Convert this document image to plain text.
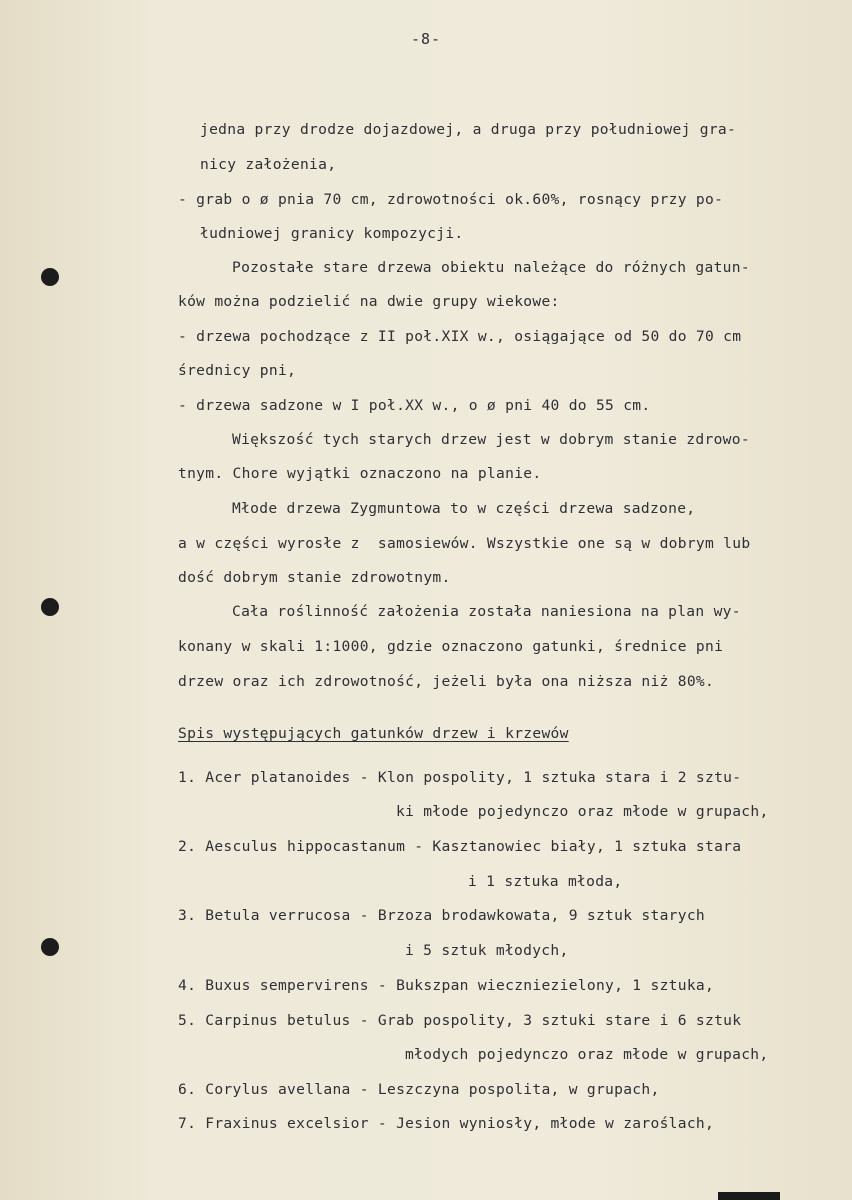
-8-

jedna przy drodze dojazdowej, a druga przy południowej gra-

nicy założenia,

- grab o ø pnia 70 cm, zdrowotności ok.60%, rosnący przy po-

łudniowej granicy kompozycji.

Pozostałe stare drzewa obiektu należące do różnych gatun-

ków można podzielić na dwie grupy wiekowe:

- drzewa pochodzące z II poł.XIX w., osiągające od 50 do 70 cm

średnicy pni,

- drzewa sadzone w I poł.XX w., o ø pni 40 do 55 cm.

Większość tych starych drzew jest w dobrym stanie zdrowo-

tnym. Chore wyjątki oznaczono na planie.

Młode drzewa Zygmuntowa to w części drzewa sadzone,

a w części wyrosłe z  samosiewów. Wszystkie one są w dobrym lub

dość dobrym stanie zdrowotnym.

Cała roślinność założenia została naniesiona na plan wy-

konany w skali 1:1000, gdzie oznaczono gatunki, średnice pni

drzew oraz ich zdrowotność, jeżeli była ona niższa niż 80%.

Spis występujących gatunków drzew i krzewów

1. Acer platanoides - Klon pospolity, 1 sztuka stara i 2 sztu-

ki młode pojedynczo oraz młode w grupach,

2. Aesculus hippocastanum - Kasztanowiec biały, 1 sztuka stara

i 1 sztuka młoda,

3. Betula verrucosa - Brzoza brodawkowata, 9 sztuk starych

i 5 sztuk młodych,

4. Buxus sempervirens - Bukszpan wieczniezielony, 1 sztuka,

5. Carpinus betulus - Grab pospolity, 3 sztuki stare i 6 sztuk

młodych pojedynczo oraz młode w grupach,

6. Corylus avellana - Leszczyna pospolita, w grupach,

7. Fraxinus excelsior - Jesion wyniosły, młode w zaroślach,
